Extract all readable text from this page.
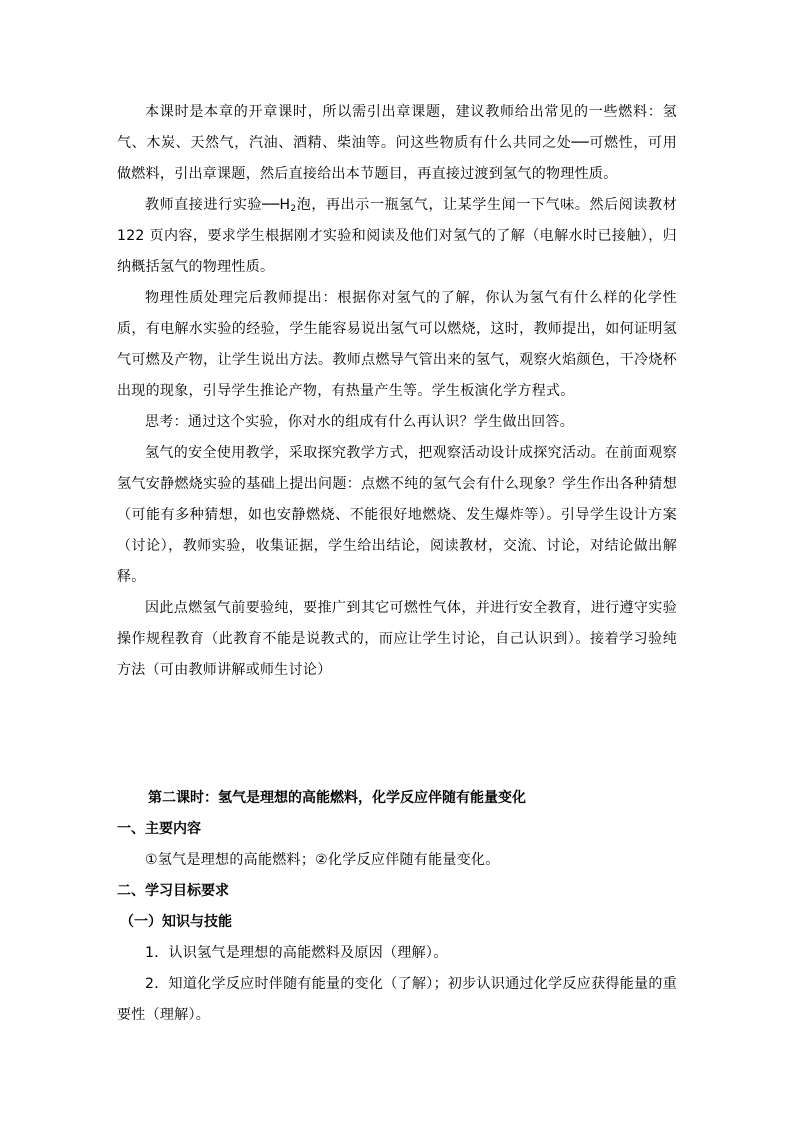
本课时是本章的开章课时，所以需引出章课题，建议教师给出常见的一些燃料：氢气、木炭、天然气，汽油、酒精、柴油等。问这些物质有什么共同之处──可燃性，可用做燃料，引出章课题，然后直接给出本节题目，再直接过渡到氢气的物理性质。

教师直接进行实验$──H_2$泡，再出示一瓶氢气，让某学生闻一下气味。然后阅读教材 122 页内容，要求学生根据刚才实验和阅读及他们对氢气的了解（电解水时已接触），归纳概括氢气的物理性质。

物理性质处理完后教师提出：根据你对氢气的了解，你认为氢气有什么样的化学性质，有电解水实验的经验，学生能容易说出氢气可以燃烧，这时，教师提出，如何证明氢气可燃及产物，让学生说出方法。教师点燃导气管出来的氢气，观察火焰颜色，干冷烧杯出现的现象，引导学生推论产物，有热量产生等。学生板演化学方程式。

思考：通过这个实验，你对水的组成有什么再认识？学生做出回答。

氢气的安全使用教学，采取探究教学方式，把观察活动设计成探究活动。在前面观察氢气安静燃烧实验的基础上提出问题：点燃不纯的氢气会有什么现象？学生作出各种猜想（可能有多种猜想，如也安静燃烧、不能很好地燃烧、发生爆炸等）。引导学生设计方案（讨论），教师实验，收集证据，学生给出结论，阅读教材，交流、讨论，对结论做出解释。

因此点燃氢气前要验纯，要推广到其它可燃性气体，并进行安全教育，进行遵守实验操作规程教育（此教育不能是说教式的，而应让学生讨论，自己认识到）。接着学习验纯方法（可由教师讲解或师生讨论）

第二课时：氢气是理想的高能燃料，化学反应伴随有能量变化

一、主要内容

①氢气是理想的高能燃料；②化学反应伴随有能量变化。

二、学习目标要求

（一）知识与技能

1．认识氢气是理想的高能燃料及原因（理解）。

2．知道化学反应时伴随有能量的变化（了解）；初步认识通过化学反应获得能量的重要性（理解）。
